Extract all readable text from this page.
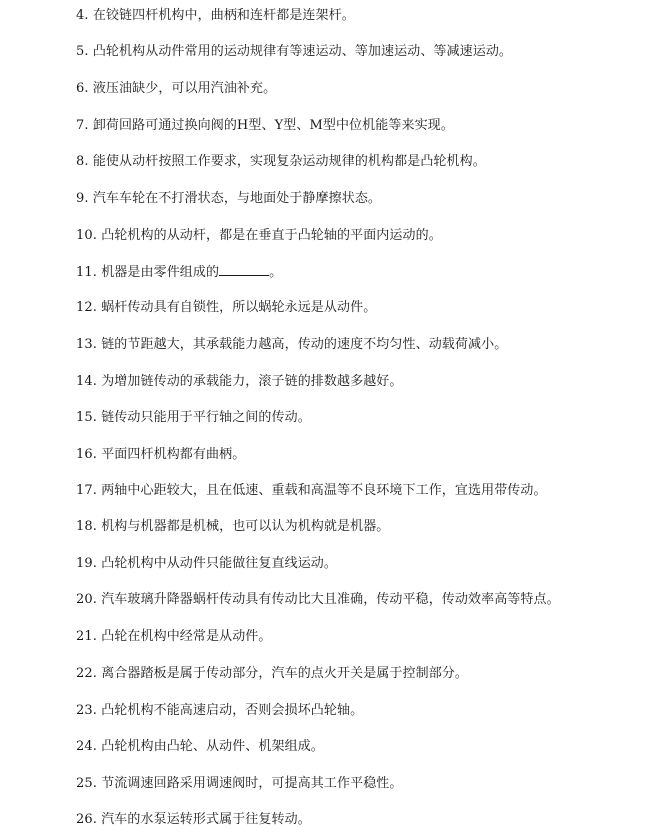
4. 在铰链四杆机构中，曲柄和连杆都是连架杆。
5. 凸轮机构从动件常用的运动规律有等速运动、等加速运动、等减速运动。
6. 液压油缺少，可以用汽油补充。
7. 卸荷回路可通过换向阀的H型、Y型、M型中位机能等来实现。
8. 能使从动杆按照工作要求，实现复杂运动规律的机构都是凸轮机构。
9. 汽车车轮在不打滑状态，与地面处于静摩擦状态。
10. 凸轮机构的从动杆，都是在垂直于凸轮轴的平面内运动的。
11. 机器是由零件组成的	。
12. 蜗杆传动具有自锁性，所以蜗轮永远是从动件。
13. 链的节距越大，其承载能力越高，传动的速度不均匀性、动载荷减小。
14. 为增加链传动的承载能力，滚子链的排数越多越好。
15. 链传动只能用于平行轴之间的传动。
16. 平面四杆机构都有曲柄。
17. 两轴中心距较大，且在低速、重载和高温等不良环境下工作，宜选用带传动。
18. 机构与机器都是机械，也可以认为机构就是机器。
19. 凸轮机构中从动件只能做往复直线运动。
20. 汽车玻璃升降器蜗杆传动具有传动比大且准确，传动平稳，传动效率高等特点。
21. 凸轮在机构中经常是从动件。
22. 离合器踏板是属于传动部分，汽车的点火开关是属于控制部分。
23. 凸轮机构不能高速启动，否则会损坏凸轮轴。
24. 凸轮机构由凸轮、从动件、机架组成。
25. 节流调速回路采用调速阀时，可提高其工作平稳性。
26. 汽车的水泵运转形式属于往复转动。
